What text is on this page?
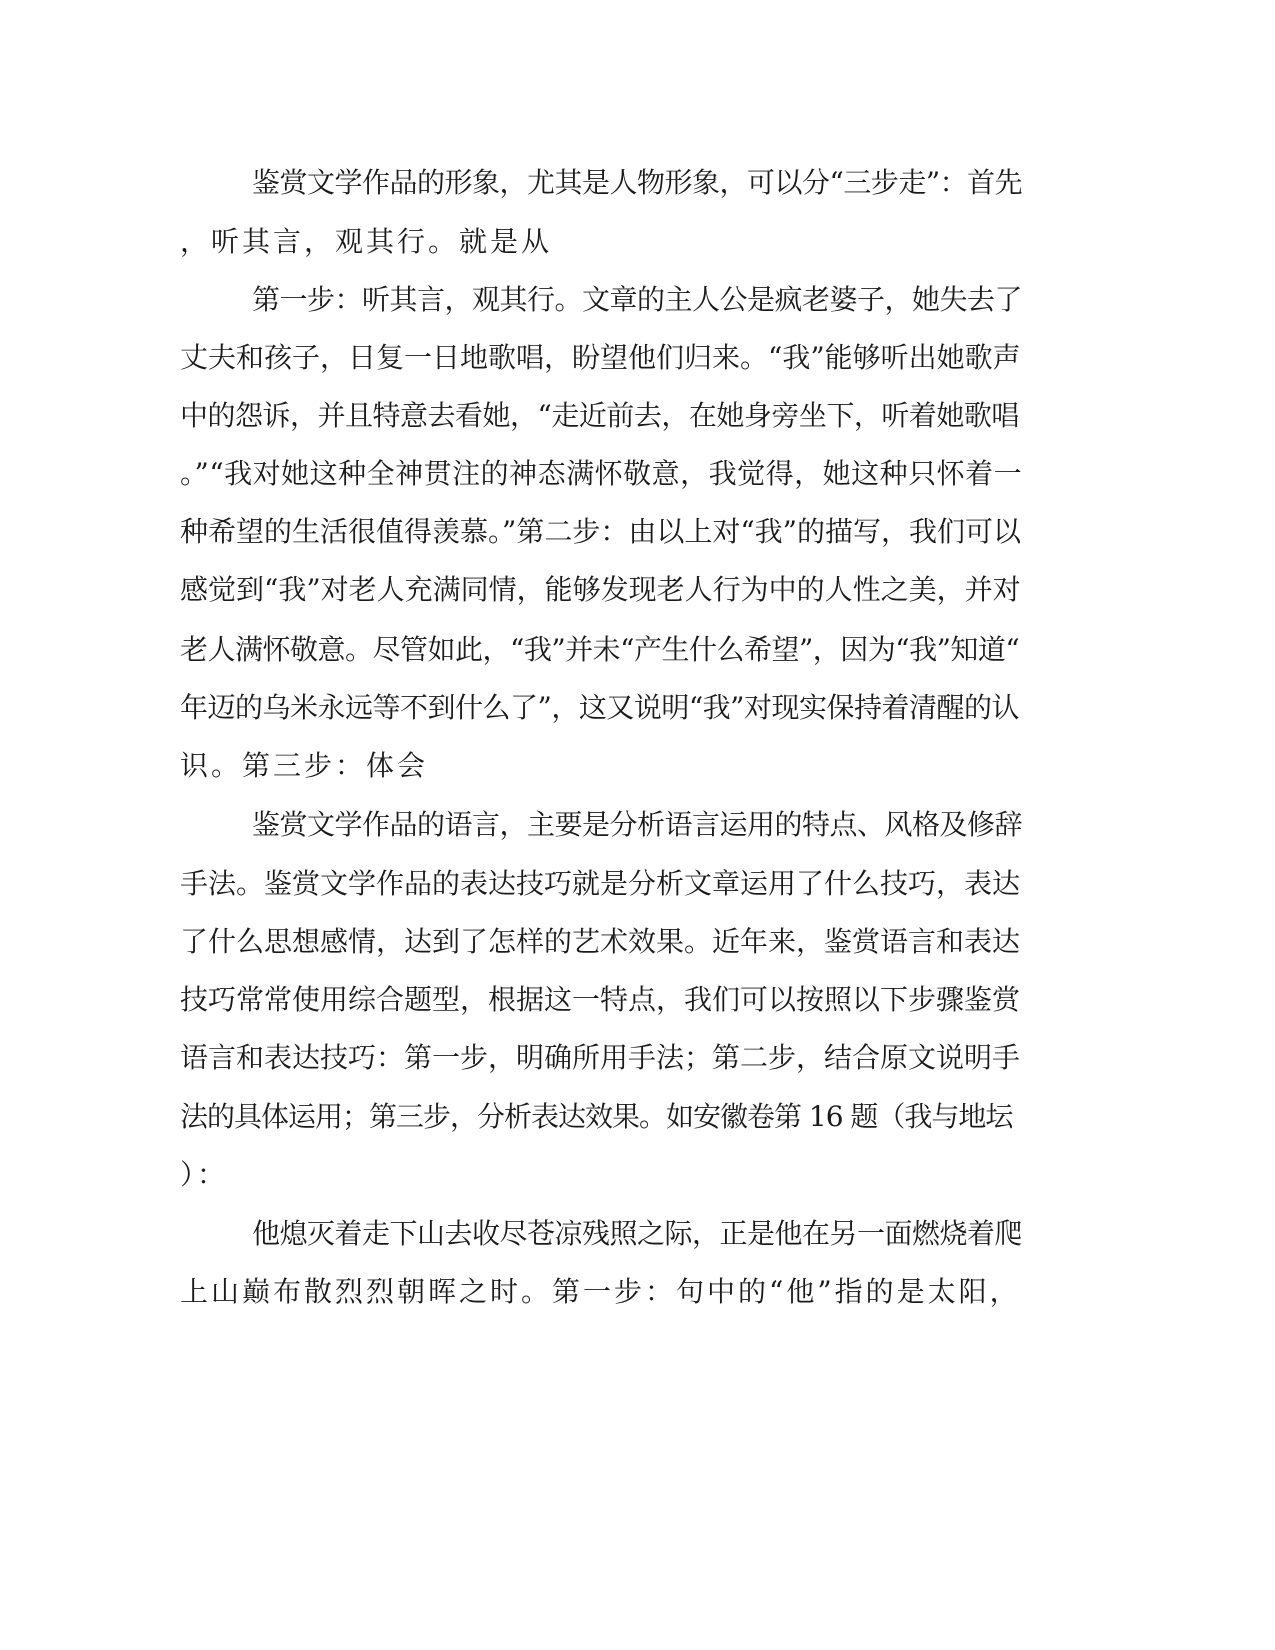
鉴赏文学作品的形象，尤其是人物形象，可以分“三步走”：首先
，听其言，观其行。就是从
第一步：听其言，观其行。文章的主人公是疯老婆子，她失去了
丈夫和孩子，日复一日地歌唱，盼望他们归来。“我”能够听出她歌声
中的怨诉，并且特意去看她，“走近前去，在她身旁坐下，听着她歌唱
。”“我对她这种全神贯注的神态满怀敬意，我觉得，她这种只怀着一
种希望的生活很值得羡慕。”第二步：由以上对“我”的描写，我们可以
感觉到“我”对老人充满同情，能够发现老人行为中的人性之美，并对
老人满怀敬意。尽管如此，“我”并未“产生什么希望”，因为“我”知道“
年迈的乌米永远等不到什么了”，这又说明“我”对现实保持着清醒的认
识。第三步：体会
鉴赏文学作品的语言，主要是分析语言运用的特点、风格及修辞
手法。鉴赏文学作品的表达技巧就是分析文章运用了什么技巧，表达
了什么思想感情，达到了怎样的艺术效果。近年来，鉴赏语言和表达
技巧常常使用综合题型，根据这一特点，我们可以按照以下步骤鉴赏
语言和表达技巧：第一步，明确所用手法；第二步，结合原文说明手
法的具体运用；第三步，分析表达效果。如安徽卷第 16 题（我与地坛
）：
他熄灭着走下山去收尽苍凉残照之际，正是他在另一面燃烧着爬
上山巅布散烈烈朝晖之时。第一步：句中的“他”指的是太阳，
